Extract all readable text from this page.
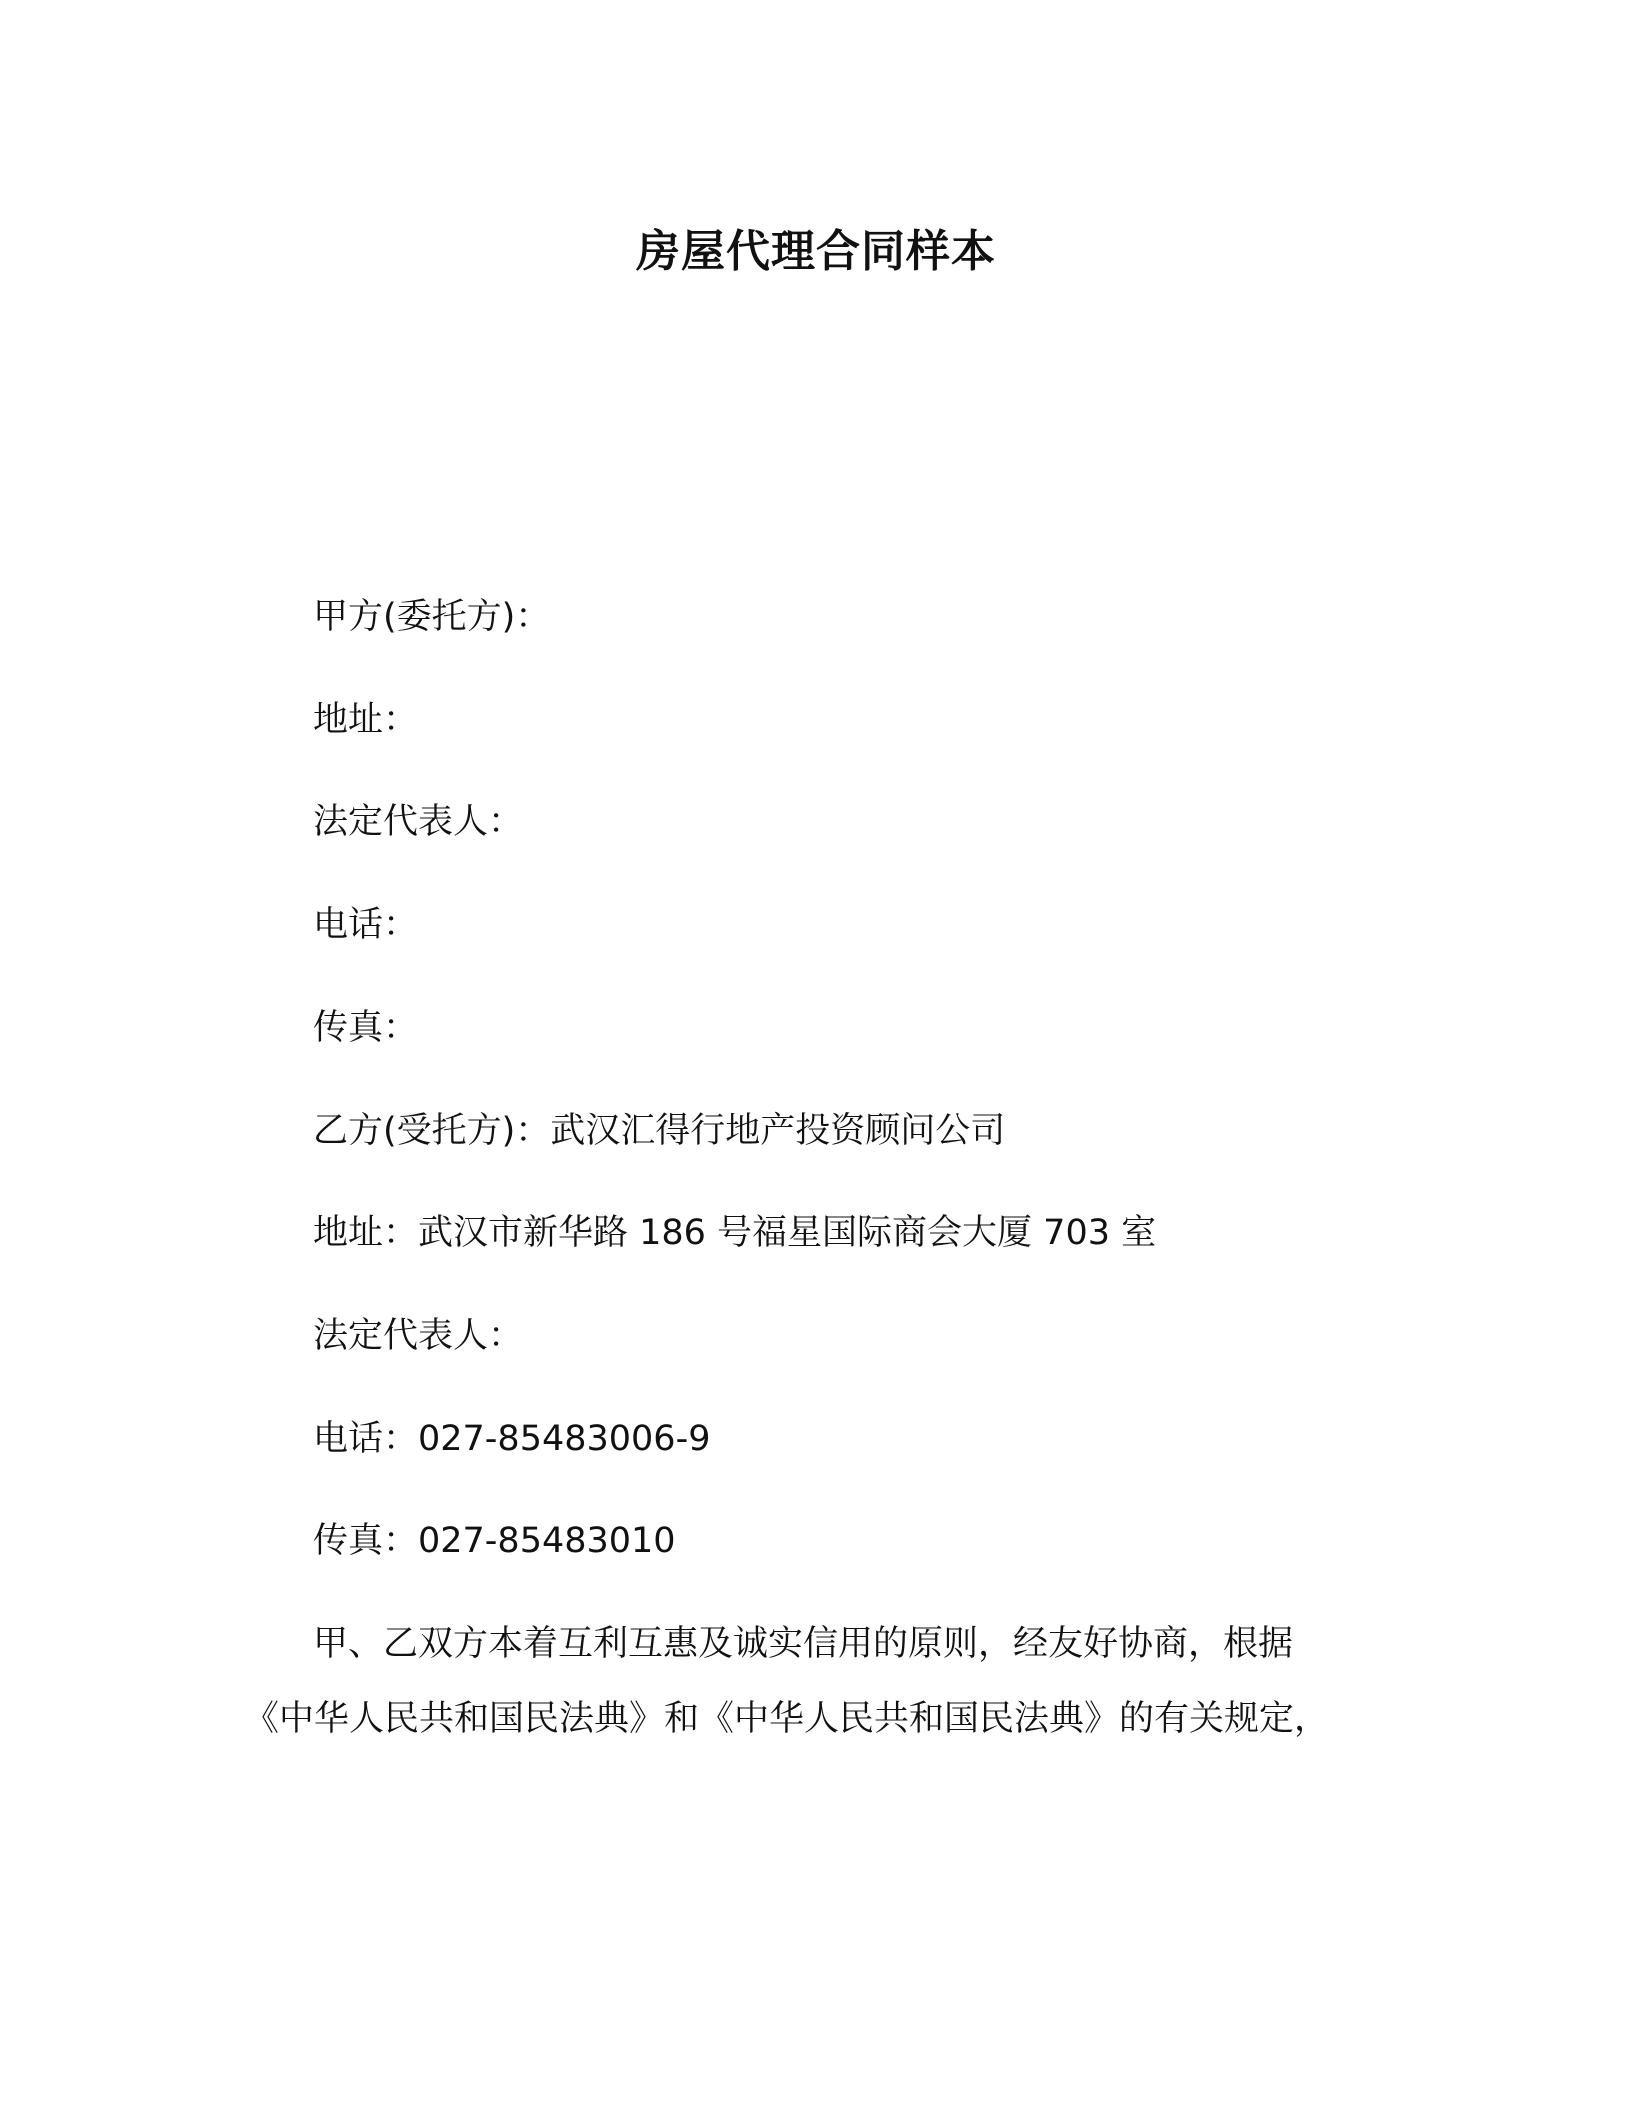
房屋代理合同样本
甲方(委托方)：
地址：
法定代表人：
电话：
传真：
乙方(受托方)：武汉汇得行地产投资顾问公司
地址：武汉市新华路 186 号福星国际商会大厦 703 室
法定代表人：
电话：027-85483006-9
传真：027-85483010
甲、乙双方本着互利互惠及诚实信用的原则，经友好协商，根据
《中华人民共和国民法典》和《中华人民共和国民法典》的有关规定，
